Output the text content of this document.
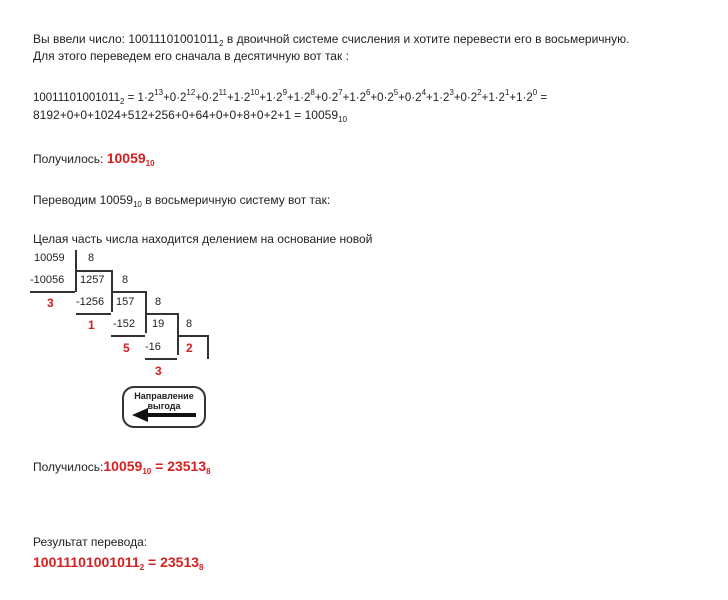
Вы ввели число: $10011101001011_2$ в двоичной системе счисления и хотите перевести его в восьмеричную.
Для этого переведем его сначала в десятичную вот так :
$10011101001011_2 = 1\cdot 2^{13}+0\cdot 2^{12}+0\cdot 2^{11}+1\cdot 2^{10}+1\cdot 2^9+1\cdot 2^8+0\cdot 2^7+1\cdot 2^6+0\cdot 2^5+0\cdot 2^4+1\cdot 2^3+0\cdot 2^2+1\cdot 2^1+1\cdot 2^0$ =
$8192+0+0+1024+512+256+0+64+0+0+8+0+2+1 = 10059_{10}$
Получилось: $10059_{10}$
Переводим $10059_{10}$ в восьмеричную систему вот так:
Целая часть числа находится делением на основание новой
10059 8
-10056 1257 8
3 -1256 157 8
1 -152 19 8
5 -16 2
3
Направление
выгода
$Получилось:10059_{10} = 23513_8$
Результат перевода:
$10011101001011_2 = 23513_8$
